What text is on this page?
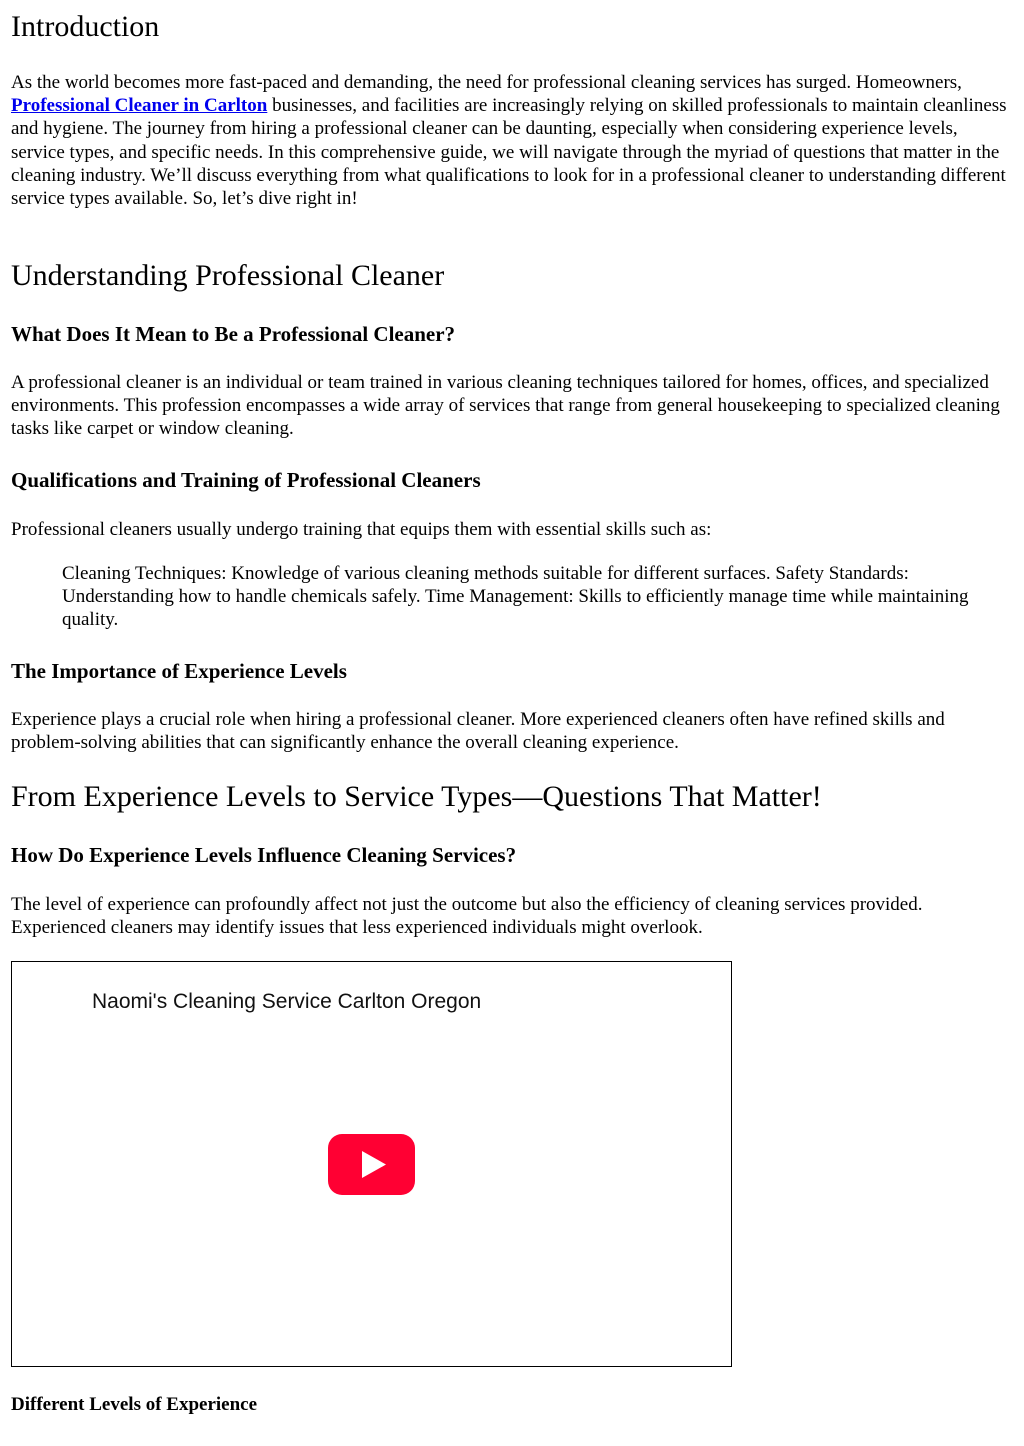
Introduction

As the world becomes more fast-paced and demanding, the need for professional cleaning services has surged. Homeowners, Professional Cleaner in Carlton businesses, and facilities are increasingly relying on skilled professionals to maintain cleanliness and hygiene. The journey from hiring a professional cleaner can be daunting, especially when considering experience levels, service types, and specific needs. In this comprehensive guide, we will navigate through the myriad of questions that matter in the cleaning industry. We’ll discuss everything from what qualifications to look for in a professional cleaner to understanding different service types available. So, let’s dive right in!

Understanding Professional Cleaner
What Does It Mean to Be a Professional Cleaner?

A professional cleaner is an individual or team trained in various cleaning techniques tailored for homes, offices, and specialized environments. This profession encompasses a wide array of services that range from general housekeeping to specialized cleaning tasks like carpet or window cleaning.

Qualifications and Training of Professional Cleaners

Professional cleaners usually undergo training that equips them with essential skills such as:

Cleaning Techniques: Knowledge of various cleaning methods suitable for different surfaces. Safety Standards: Understanding how to handle chemicals safely. Time Management: Skills to efficiently manage time while maintaining quality.

The Importance of Experience Levels

Experience plays a crucial role when hiring a professional cleaner. More experienced cleaners often have refined skills and problem-solving abilities that can significantly enhance the overall cleaning experience.

From Experience Levels to Service Types—Questions That Matter!
How Do Experience Levels Influence Cleaning Services?

The level of experience can profoundly affect not just the outcome but also the efficiency of cleaning services provided. Experienced cleaners may identify issues that less experienced individuals might overlook.

Naomi's Cleaning Service Carlton Oregon
Different Levels of Experience
